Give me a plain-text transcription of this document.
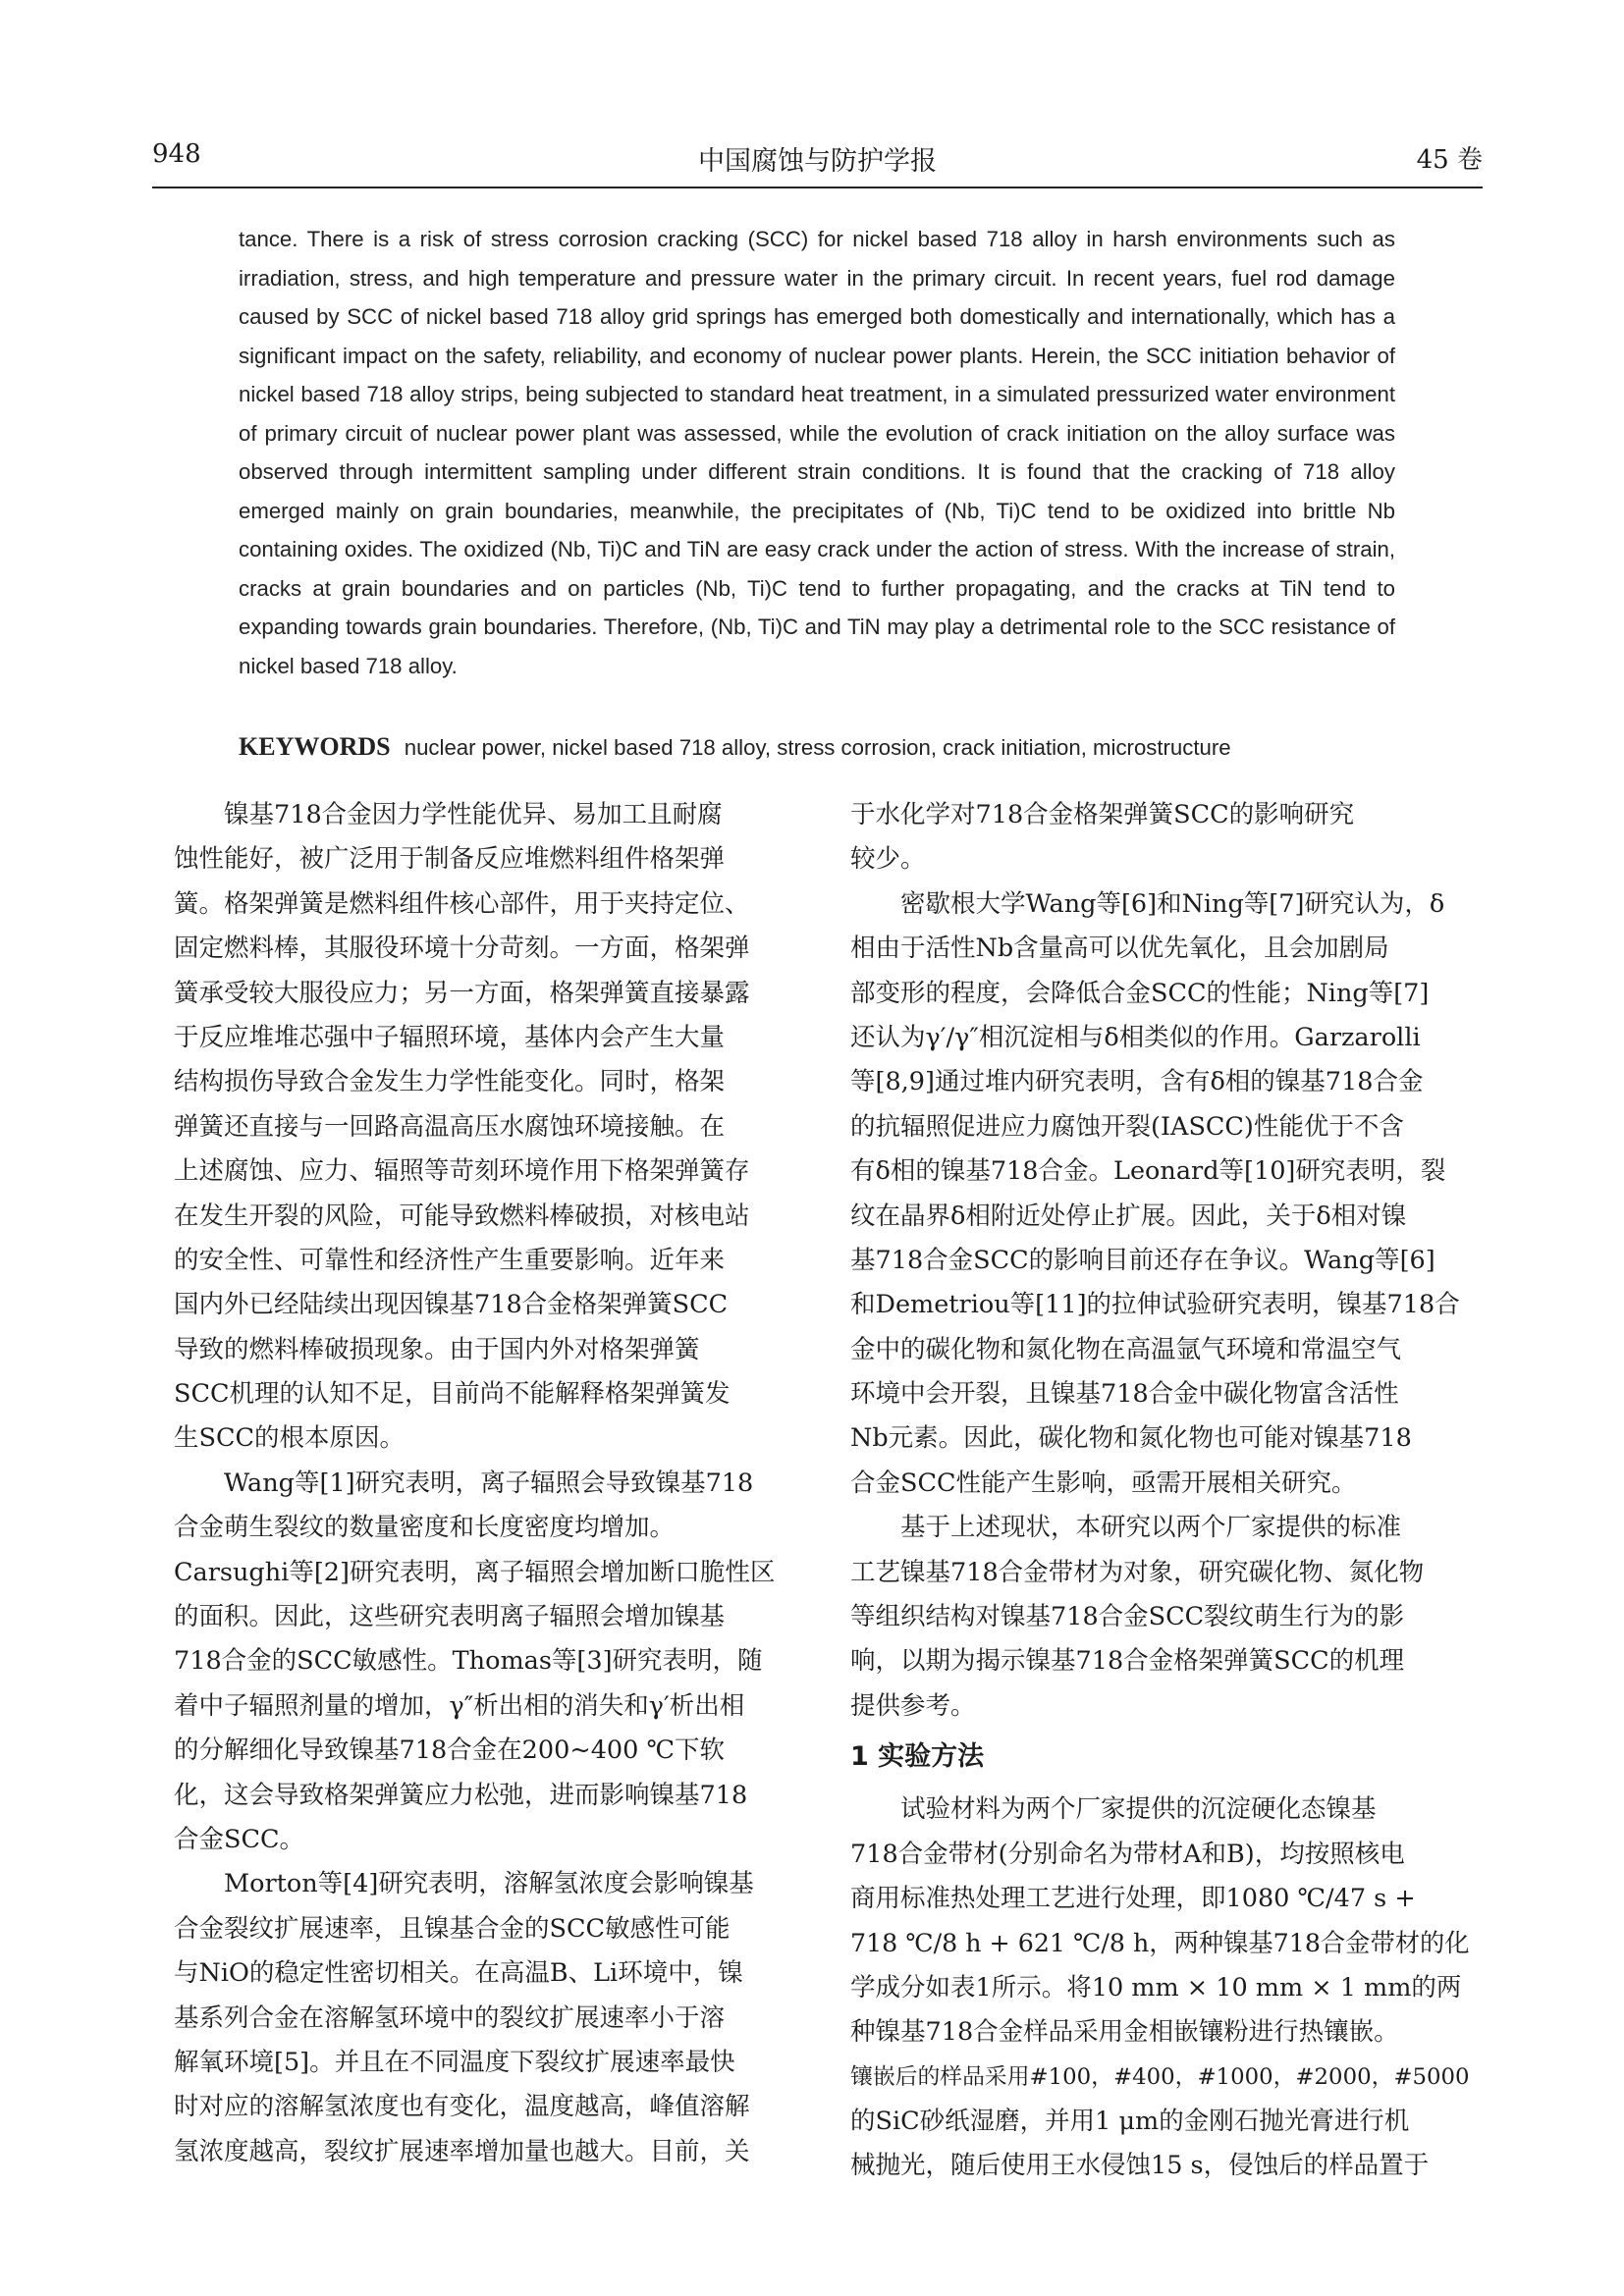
948	中国腐蚀与防护学报	45 卷
tance. There is a risk of stress corrosion cracking (SCC) for nickel based 718 alloy in harsh environments such as irradiation, stress, and high temperature and pressure water in the primary circuit. In recent years, fuel rod damage caused by SCC of nickel based 718 alloy grid springs has emerged both domestically and internationally, which has a significant impact on the safety, reliability, and economy of nuclear power plants. Herein, the SCC initiation behavior of nickel based 718 alloy strips, being subjected to standard heat treatment, in a simulated pressurized water environment of primary circuit of nuclear power plant was assessed, while the evolution of crack initiation on the alloy surface was observed through intermittent sampling under different strain conditions. It is found that the cracking of 718 alloy emerged mainly on grain boundaries, meanwhile, the precipitates of (Nb, Ti)C tend to be oxidized into brittle Nb containing oxides. The oxidized (Nb, Ti)C and TiN are easy crack under the action of stress. With the increase of strain, cracks at grain boundaries and on particles (Nb, Ti)C tend to further propagating, and the cracks at TiN tend to expanding towards grain boundaries. Therefore, (Nb, Ti)C and TiN may play a detrimental role to the SCC resistance of nickel based 718 alloy.
KEYWORDS nuclear power, nickel based 718 alloy, stress corrosion, crack initiation, microstructure
镍基718合金因力学性能优异、易加工且耐腐
蚀性能好，被广泛用于制备反应堆燃料组件格架弹
簧。格架弹簧是燃料组件核心部件，用于夹持定位、
固定燃料棒，其服役环境十分苛刻。一方面，格架弹
簧承受较大服役应力；另一方面，格架弹簧直接暴露
于反应堆堆芯强中子辐照环境，基体内会产生大量
结构损伤导致合金发生力学性能变化。同时，格架
弹簧还直接与一回路高温高压水腐蚀环境接触。在
上述腐蚀、应力、辐照等苛刻环境作用下格架弹簧存
在发生开裂的风险，可能导致燃料棒破损，对核电站
的安全性、可靠性和经济性产生重要影响。近年来
国内外已经陆续出现因镍基718合金格架弹簧SCC
导致的燃料棒破损现象。由于国内外对格架弹簧
SCC机理的认知不足，目前尚不能解释格架弹簧发
生SCC的根本原因。
Wang等[1]研究表明，离子辐照会导致镍基718
合金萌生裂纹的数量密度和长度密度均增加。
Carsughi等[2]研究表明，离子辐照会增加断口脆性区
的面积。因此，这些研究表明离子辐照会增加镍基
718合金的SCC敏感性。Thomas等[3]研究表明，随
着中子辐照剂量的增加，γ″析出相的消失和γ′析出相
的分解细化导致镍基718合金在200~400 ℃下软
化，这会导致格架弹簧应力松弛，进而影响镍基718
合金SCC。
Morton等[4]研究表明，溶解氢浓度会影响镍基
合金裂纹扩展速率，且镍基合金的SCC敏感性可能
与NiO的稳定性密切相关。在高温B、Li环境中，镍
基系列合金在溶解氢环境中的裂纹扩展速率小于溶
解氧环境[5]。并且在不同温度下裂纹扩展速率最快
时对应的溶解氢浓度也有变化，温度越高，峰值溶解
氢浓度越高，裂纹扩展速率增加量也越大。目前，关
于水化学对718合金格架弹簧SCC的影响研究
较少。
密歇根大学Wang等[6]和Ning等[7]研究认为，δ
相由于活性Nb含量高可以优先氧化，且会加剧局
部变形的程度，会降低合金SCC的性能；Ning等[7]
还认为γ′/γ″相沉淀相与δ相类似的作用。Garzarolli
等[8,9]通过堆内研究表明，含有δ相的镍基718合金
的抗辐照促进应力腐蚀开裂(IASCC)性能优于不含
有δ相的镍基718合金。Leonard等[10]研究表明，裂
纹在晶界δ相附近处停止扩展。因此，关于δ相对镍
基718合金SCC的影响目前还存在争议。Wang等[6]
和Demetriou等[11]的拉伸试验研究表明，镍基718合
金中的碳化物和氮化物在高温氩气环境和常温空气
环境中会开裂，且镍基718合金中碳化物富含活性
Nb元素。因此，碳化物和氮化物也可能对镍基718
合金SCC性能产生影响，亟需开展相关研究。
基于上述现状，本研究以两个厂家提供的标准
工艺镍基718合金带材为对象，研究碳化物、氮化物
等组织结构对镍基718合金SCC裂纹萌生行为的影
响，以期为揭示镍基718合金格架弹簧SCC的机理
提供参考。
1 实验方法
试验材料为两个厂家提供的沉淀硬化态镍基
718合金带材(分别命名为带材A和B)，均按照核电
商用标准热处理工艺进行处理，即1080 ℃/47 s +
718 ℃/8 h + 621 ℃/8 h，两种镍基718合金带材的化
学成分如表1所示。将10 mm × 10 mm × 1 mm的两
种镍基718合金样品采用金相嵌镶粉进行热镶嵌。
镶嵌后的样品采用#100，#400，#1000，#2000，#5000
的SiC砂纸湿磨，并用1 μm的金刚石抛光膏进行机
械抛光，随后使用王水侵蚀15 s，侵蚀后的样品置于
